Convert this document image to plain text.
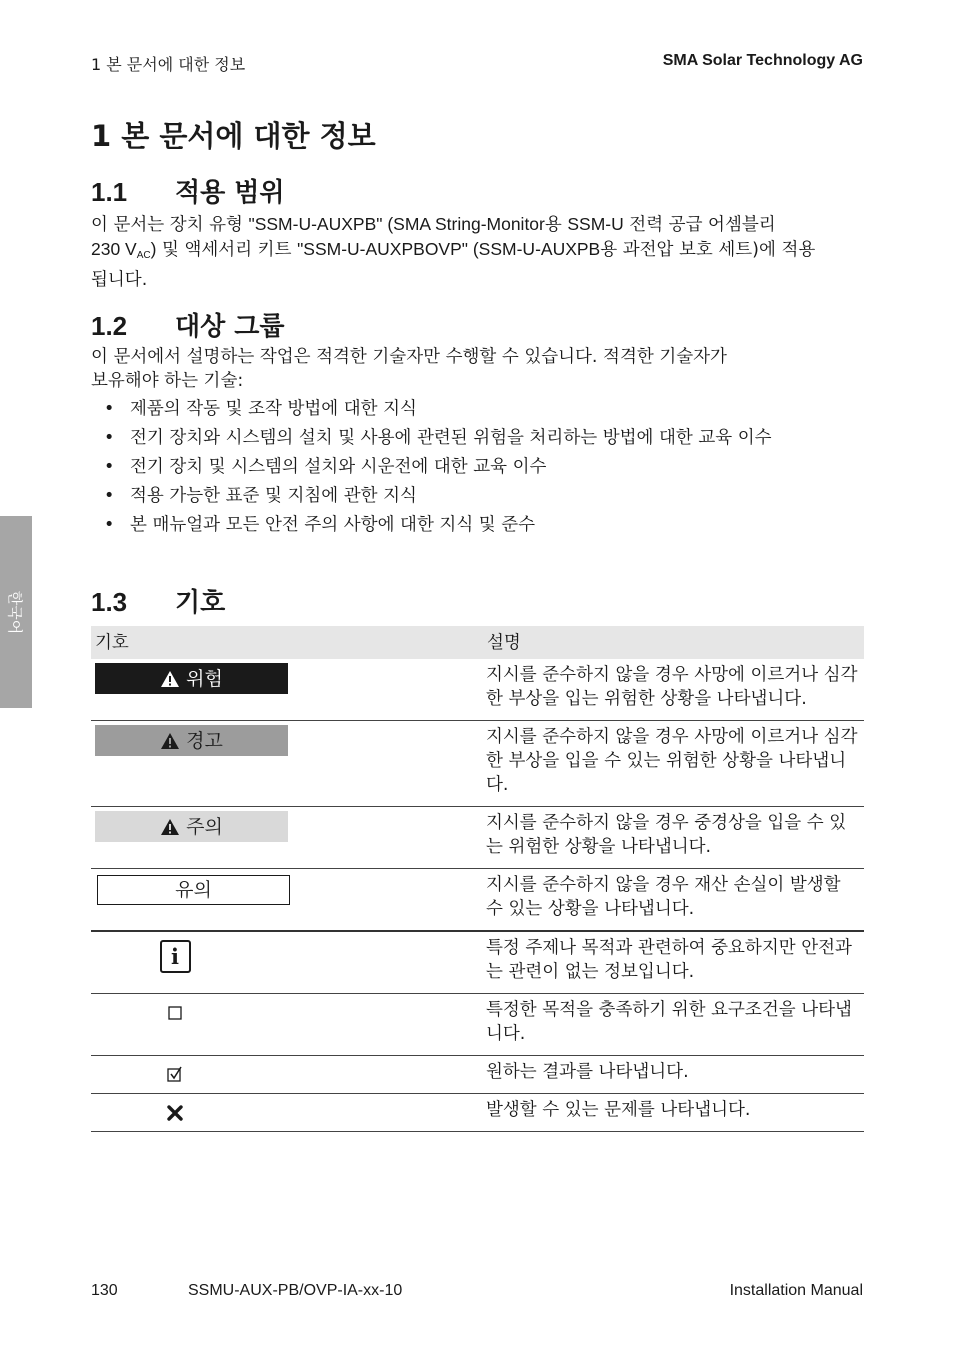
1 본 문서에 대한 정보	SMA Solar Technology AG
한국어
1 본 문서에 대한 정보
1.1 적용 범위
이 문서는 장치 유형 "SSM-U-AUXPB" (SMA String-Monitor용 SSM-U 전력 공급 어셈블리
230 $V_{AC}$) 및 액세서리 키트 "SSM-U-AUXPBOVP" (SSM-U-AUXPB용 과전압 보호 세트)에 적용
됩니다.
1.2 대상 그룹
이 문서에서 설명하는 작업은 적격한 기술자만 수행할 수 있습니다. 적격한 기술자가
보유해야 하는 기술:
• 제품의 작동 및 조작 방법에 대한 지식
• 전기 장치와 시스템의 설치 및 사용에 관련된 위험을 처리하는 방법에 대한 교육 이수
• 전기 장치 및 시스템의 설치와 시운전에 대한 교육 이수
• 적용 가능한 표준 및 지침에 관한 지식
• 본 매뉴얼과 모든 안전 주의 사항에 대한 지식 및 준수
1.3 기호
기호	설명

위험	지시를 준수하지 않을 경우 사망에 이르거나 심각한 부상을 입는 위험한 상황을 나타냅니다.

경고	지시를 준수하지 않을 경우 사망에 이르거나 심각한 부상을 입을 수 있는 위험한 상황을 나타냅니다.

주의	지시를 준수하지 않을 경우 중경상을 입을 수 있는 위험한 상황을 나타냅니다.

유의	지시를 준수하지 않을 경우 재산 손실이 발생할 수 있는 상황을 나타냅니다.

i	특정 주제나 목적과 관련하여 중요하지만 안전과는 관련이 없는 정보입니다.

	특정한 목적을 충족하기 위한 요구조건을 나타냅니다.

	원하는 결과를 나타냅니다.

	발생할 수 있는 문제를 나타냅니다.
130	SSMU-AUX-PB/OVP-IA-xx-10	Installation Manual
